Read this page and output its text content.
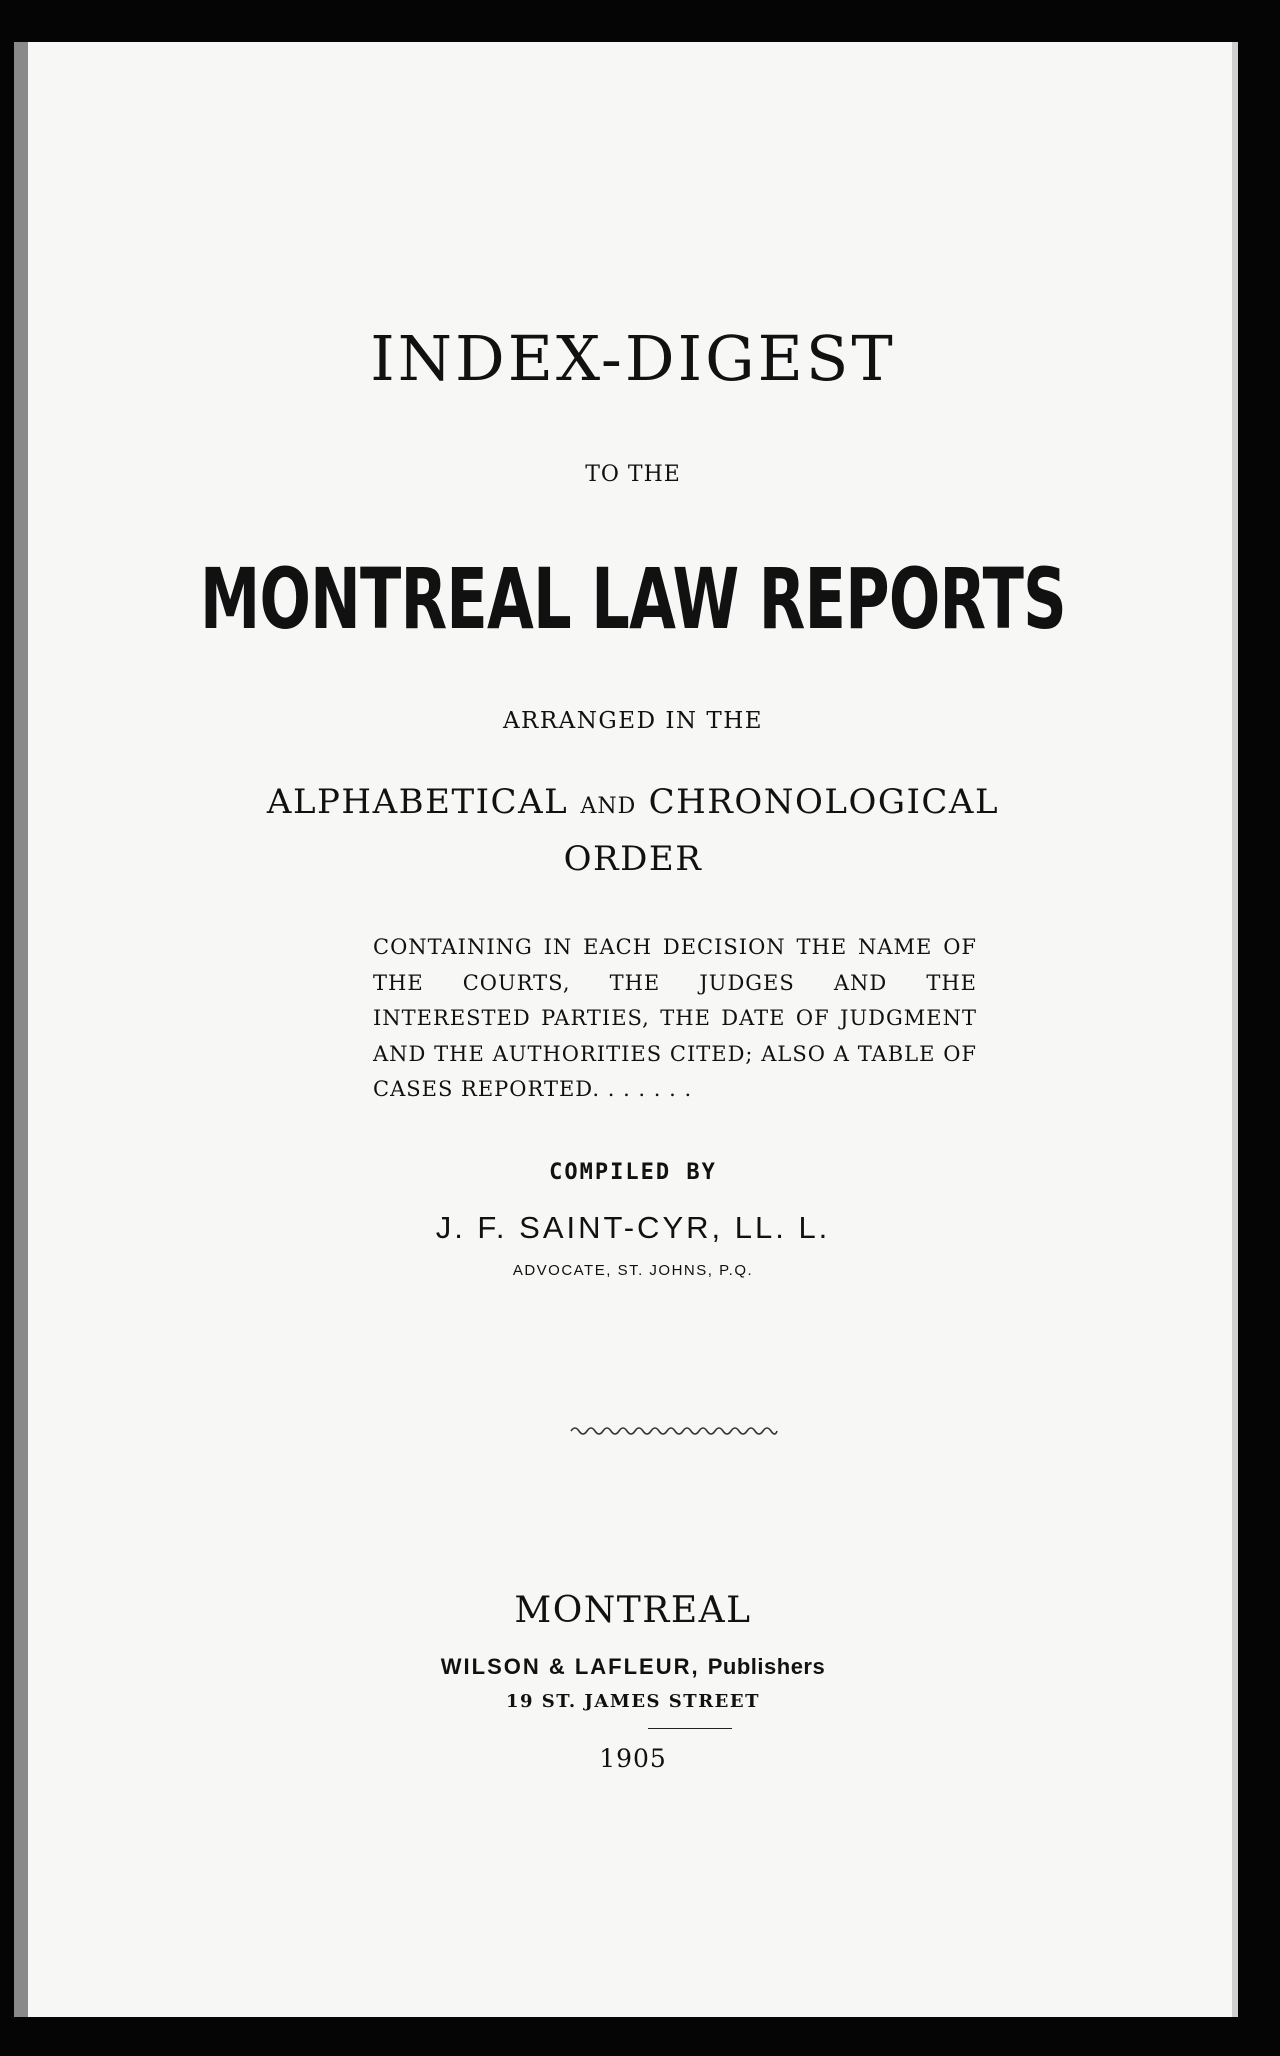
INDEX-DIGEST
TO THE
MONTREAL LAW REPORTS
ARRANGED IN THE
ALPHABETICAL AND CHRONOLOGICAL
ORDER
CONTAINING IN EACH DECISION THE NAME OF THE COURTS, THE JUDGES AND THE INTERESTED PARTIES, THE DATE OF JUDGMENT AND THE AUTHORITIES CITED; ALSO A TABLE OF CASES REPORTED. . . . . . .
COMPILED BY
J. F. SAINT-CYR, LL. L.
ADVOCATE, ST. JOHNS, P.Q.
MONTREAL
WILSON & LAFLEUR, Publishers
19 ST. JAMES STREET
1905
